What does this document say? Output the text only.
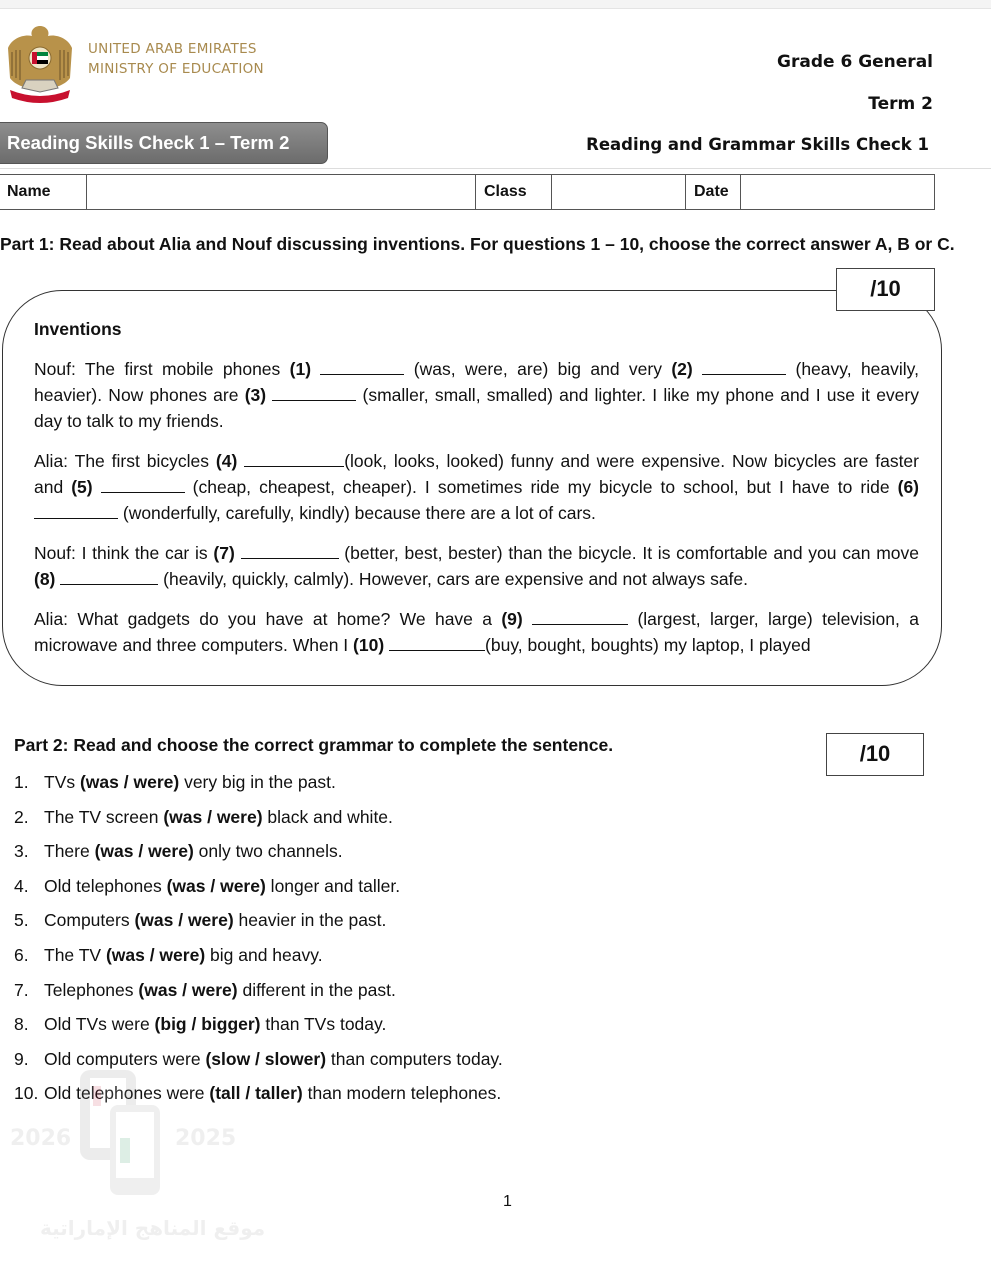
UNITED ARAB EMIRATES
MINISTRY OF EDUCATION	Grade 6 General
Term 2
Reading Skills Check 1 – Term 2	Reading and Grammar Skills Check 1
Name		Class		Date	
Part 1: Read about Alia and Nouf discussing inventions. For questions 1 – 10, choose the correct answer A, B or C.
/10
Inventions

Nouf: The first mobile phones (1)	(was, were, are) big and very (2)	(heavy, heavily, heavier). Now phones are (3)	(smaller, small, smalled) and lighter. I like my phone and I use it every day to talk to my friends.

Alia: The first bicycles (4)	(look, looks, looked) funny and were expensive. Now bicycles are faster and (5)	(cheap, cheapest, cheaper). I sometimes ride my bicycle to school, but I have to ride (6)  (wonderfully, carefully, kindly) because there are a lot of cars.

Nouf: I think the car is (7)	(better, best, bester) than the bicycle. It is comfortable and you can move (8)	(heavily, quickly, calmly). However, cars are expensive and not always safe.

Alia: What gadgets do you have at home? We have a (9)	(largest, larger, large) television, a microwave and three computers. When I (10)	(buy, bought, boughts) my laptop, I played

Part 2: Read and choose the correct grammar to complete the sentence.	/10
1. TVs (was / were) very big in the past.
2. The TV screen (was / were) black and white.
3. There (was / were) only two channels.
4. Old telephones (was / were) longer and taller.
5. Computers (was / were) heavier in the past.
6. The TV (was / were) big and heavy.
7. Telephones (was / were) different in the past.
8. Old TVs were (big / bigger) than TVs today.
9. Old computers were (slow / slower) than computers today.
10. Old telephones were (tall / taller) than modern telephones.
2026	2025
موقع المناهج الإماراتية
1
